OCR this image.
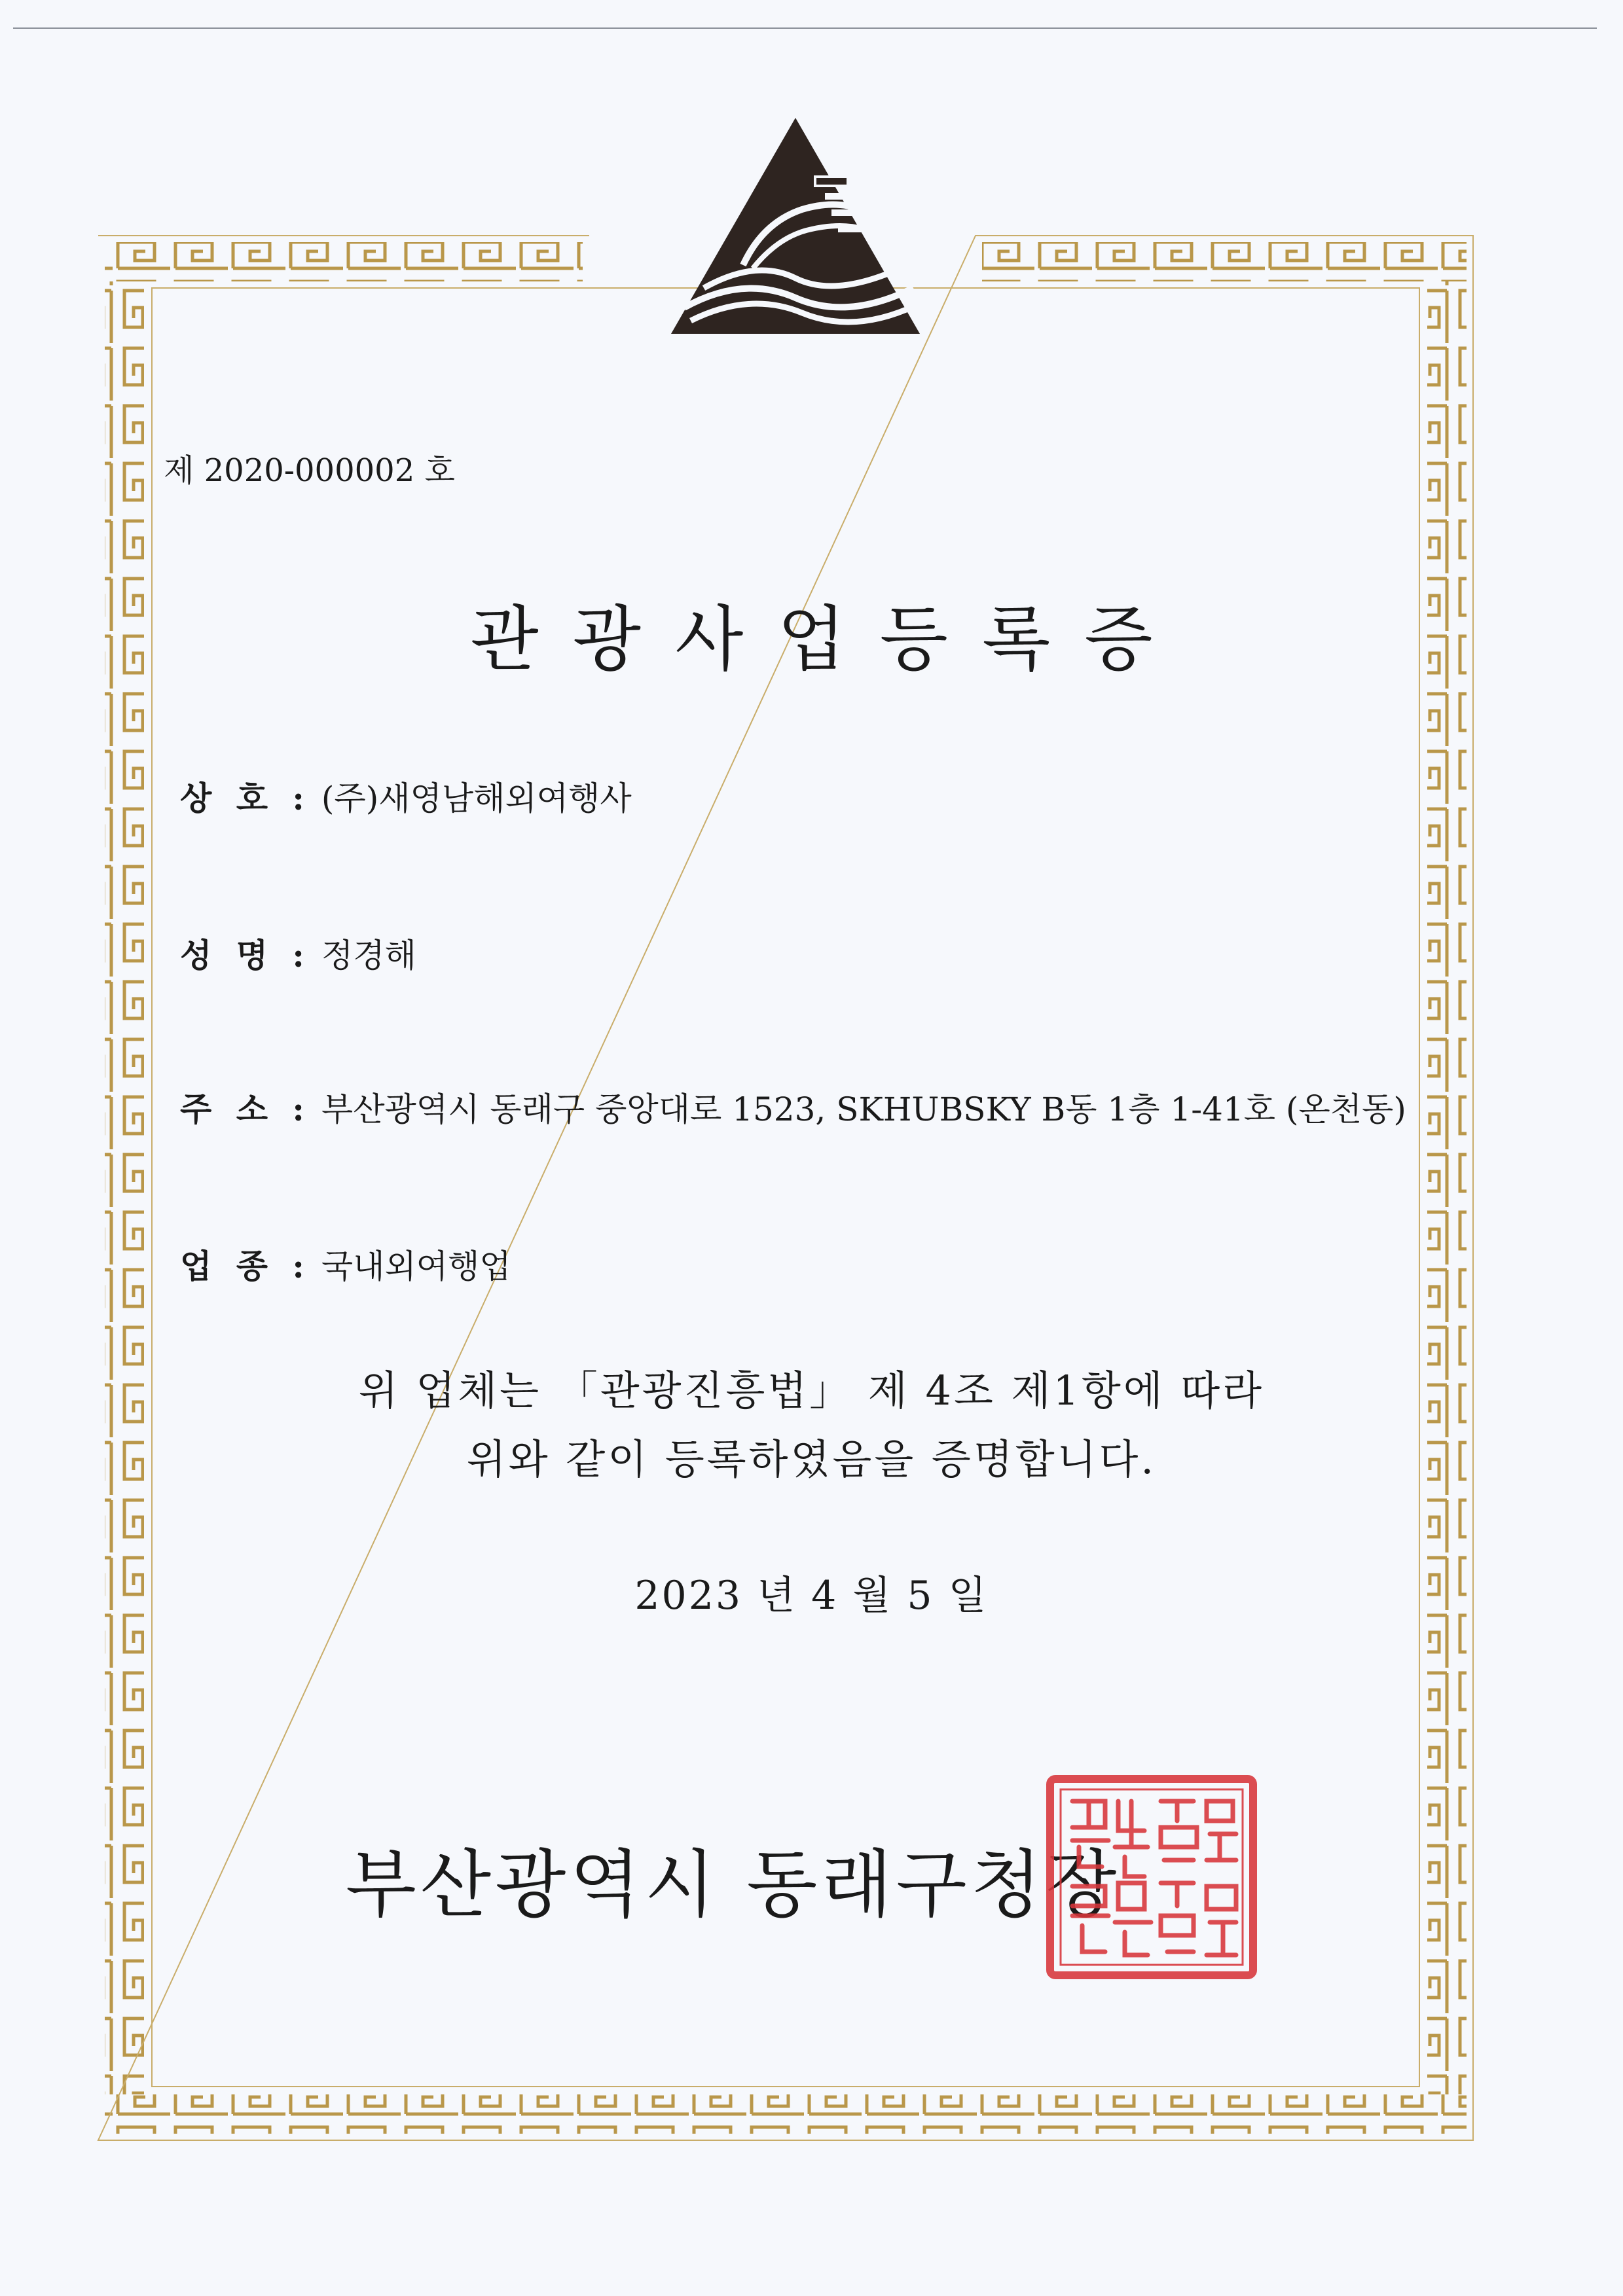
제 2020-000002 호
관광사업등록증
상 호 : (주)새영남해외여행사
성 명 : 정경해
주 소 : 부산광역시 동래구 중앙대로 1523, SKHUBSKY B동 1층 1-41호 (온천동)
업 종 : 국내외여행업
위 업체는 「관광진흥법」 제 4조 제1항에 따라
위와 같이 등록하였음을 증명합니다.
2023 년 4 월 5 일
부산광역시 동래구청장
